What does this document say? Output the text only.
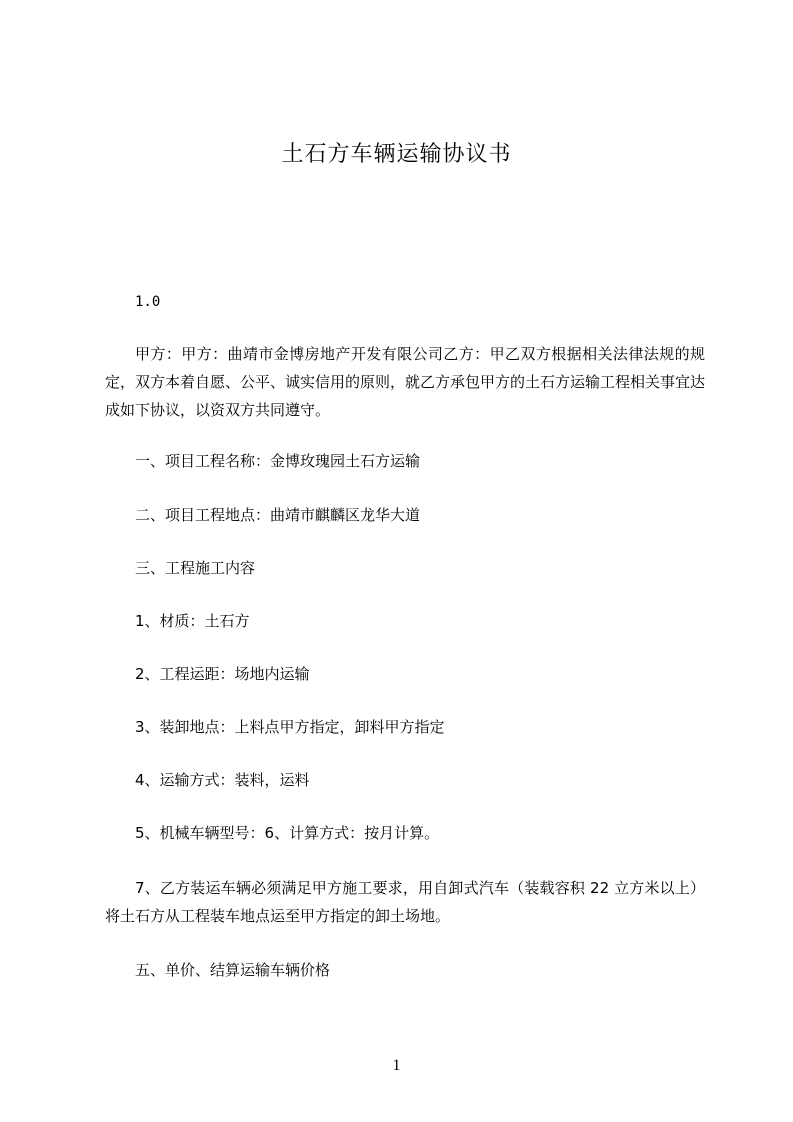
土石方车辆运输协议书
1.0
甲方：甲方：曲靖市金博房地产开发有限公司乙方：甲乙双方根据相关法律法规的规定，双方本着自愿、公平、诚实信用的原则，就乙方承包甲方的土石方运输工程相关事宜达成如下协议，以资双方共同遵守。
一、项目工程名称：金博玫瑰园土石方运输
二、项目工程地点：曲靖市麒麟区龙华大道
三、工程施工内容
1、材质：土石方
2、工程运距：场地内运输
3、装卸地点：上料点甲方指定，卸料甲方指定
4、运输方式：装料，运料
5、机械车辆型号：6、计算方式：按月计算。
7、乙方装运车辆必须满足甲方施工要求，用自卸式汽车（装载容积 22 立方米以上）将土石方从工程装车地点运至甲方指定的卸土场地。
五、单价、结算运输车辆价格
1
